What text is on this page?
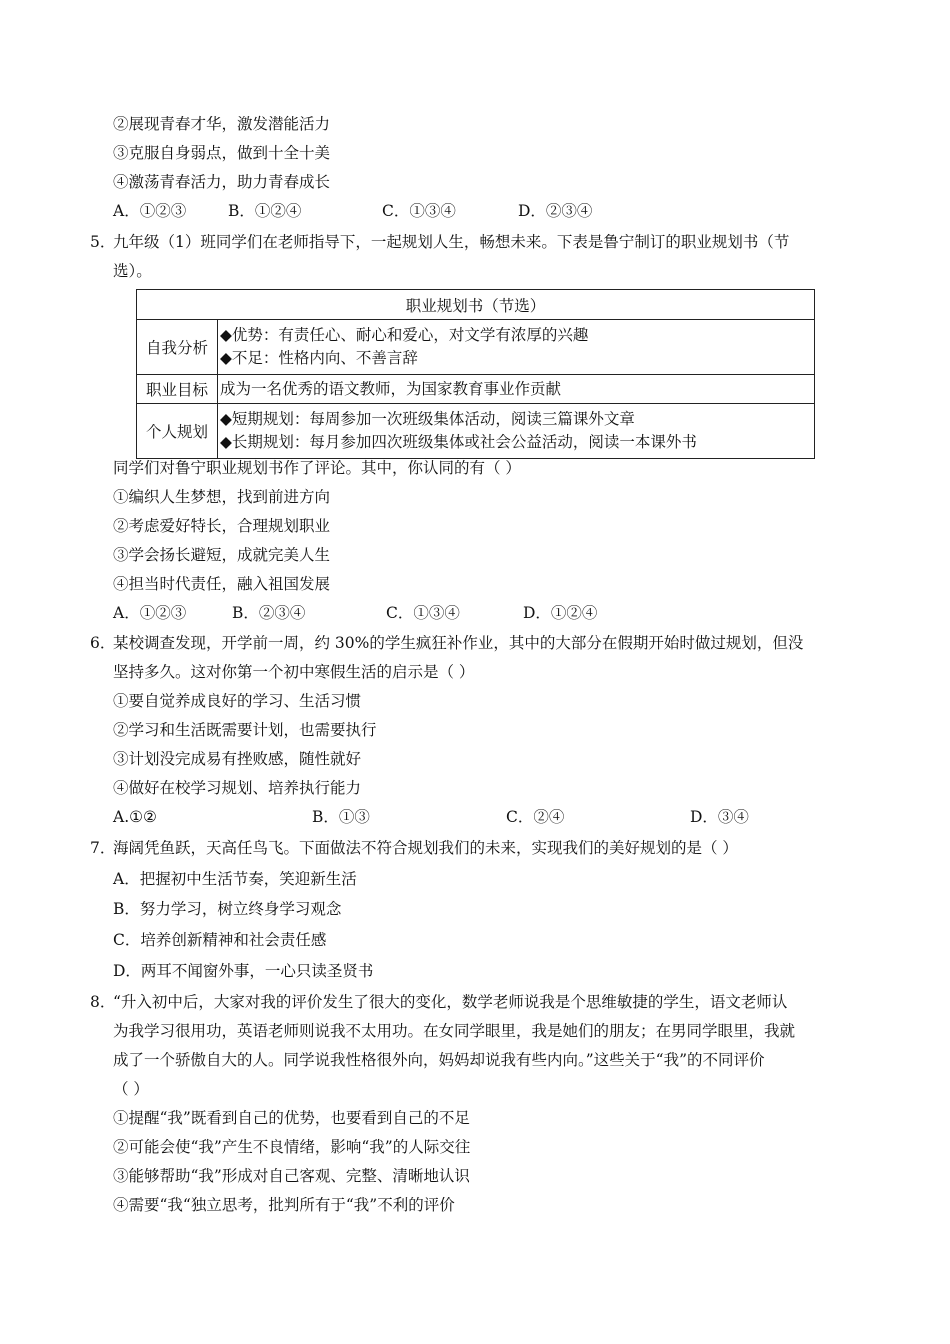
②展现青春才华，激发潜能活力
③克服自身弱点，做到十全十美
④激荡青春活力，助力青春成长
A．①②③	B．①②④	C．①③④	D．②③④
5．
九年级（1）班同学们在老师指导下，一起规划人生，畅想未来。下表是鲁宁制订的职业规划书（节
选）。
职业规划书（节选）	
自我分析	◆优势：有责任心、耐心和爱心，对文学有浓厚的兴趣
◆不足：性格内向、不善言辞

职业目标	成为一名优秀的语文教师，为国家教育事业作贡献

个人规划	◆短期规划：每周参加一次班级集体活动，阅读三篇课外文章
◆长期规划：每月参加四次班级集体或社会公益活动，阅读一本课外书
同学们对鲁宁职业规划书作了评论。其中，你认同的有（ ）
①编织人生梦想，找到前进方向
②考虑爱好特长，合理规划职业
③学会扬长避短，成就完美人生
④担当时代责任，融入祖国发展
A．①②③	B．②③④	C．①③④	D．①②④
6．
某校调查发现，开学前一周，约 30%的学生疯狂补作业，其中的大部分在假期开始时做过规划，但没
坚持多久。这对你第一个初中寒假生活的启示是（ ）
①要自觉养成良好的学习、生活习惯
②学习和生活既需要计划，也需要执行
③计划没完成易有挫败感，随性就好
④做好在校学习规划、培养执行能力
A.①②	B．①③	C．②④	D．③④
7．
海阔凭鱼跃，天高任鸟飞。下面做法不符合规划我们的未来，实现我们的美好规划的是（ ）
A．把握初中生活节奏，笑迎新生活
B．努力学习，树立终身学习观念
C．培养创新精神和社会责任感
D．两耳不闻窗外事，一心只读圣贤书
8．
“升入初中后，大家对我的评价发生了很大的变化，数学老师说我是个思维敏捷的学生，语文老师认
为我学习很用功，英语老师则说我不太用功。在女同学眼里，我是她们的朋友；在男同学眼里，我就
成了一个骄傲自大的人。同学说我性格很外向，妈妈却说我有些内向。”这些关于“我”的不同评价
（ ）
①提醒“我”既看到自己的优势，也要看到自己的不足
②可能会使“我”产生不良情绪，影响“我”的人际交往
③能够帮助“我”形成对自己客观、完整、清晰地认识
④需要“我“独立思考，批判所有于“我”不利的评价
